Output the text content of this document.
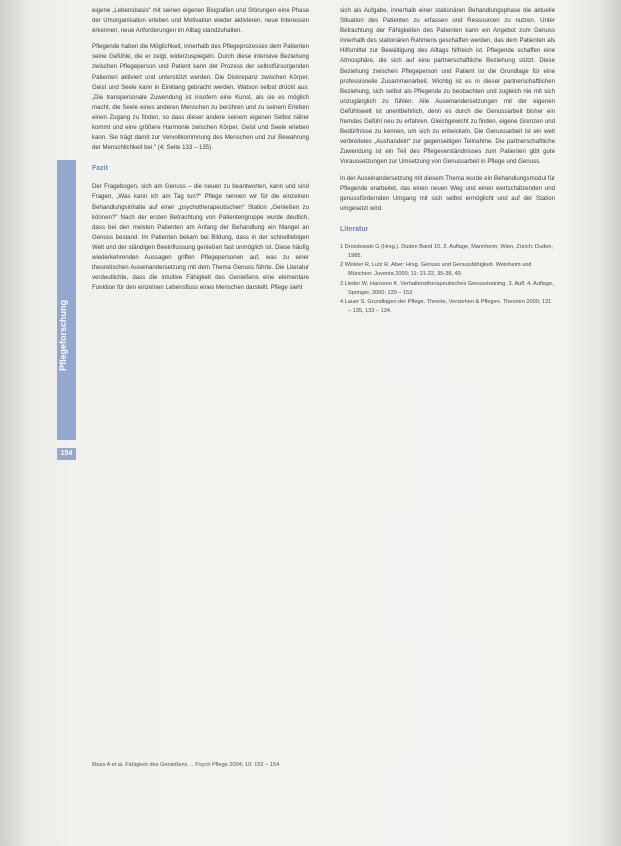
Pflegeforschung
154

eigene „Lebensbasis“ mit seinen eigenen Biografien und Störungen eine Phase der Umorganisation erleben und Motivation wieder aktivieren, neue Interessen erkennen, neue Anforderungen im Alltag standzuhalten.

Pflegende haben die Möglichkeit, innerhalb des Pflegeprozesses dem Patienten seine Gefühle, die er zeigt, widerzuspiegeln. Durch diese intensive Beziehung zwischen Pflegeperson und Patient kann der Prozess der selbstfürsorgenden Patienten aktiviert und unterstützt werden. Die Diskrepanz zwischen Körper, Geist und Seele kann in Einklang gebracht werden. Watson selbst drückt aus: „Die transpersonale Zuwendung ist insofern eine Kunst, als sie es möglich macht, die Seele eines anderen Menschen zu berühren und zu seinem Erleben einen Zugang zu finden, so dass dieser andere seinem eigenen Selbst näher kommt und eine größere Harmonie zwischen Körper, Geist und Seele erleben kann. Sie trägt damit zur Vervollkommnung des Menschen und zur Bewahrung der Menschlichkeit bei.“ (4; Seite 133 – 135).

Fazit

Der Fragebogen, sich am Genuss – die neuen zu beantworten, kann und sind Fragen, „Was kann ich am Tag tun?“ Pflege nennen wir für die einzelnen Behandlungsinhalte auf einer „psychotherapeutischen“ Station „Genießen zu können?“ Nach der ersten Betrachtung von Patientengruppe wurde deutlich, dass bei den meisten Patienten am Anfang der Behandlung ein Mangel an Genuss bestand. Im Patienten bekam bei Bildung, dass in der schnelllebigen Welt und der ständigen Beeinflussung genießen fast unmöglich ist. Diese häufig wiederkehrenden Aussagen griffen Pflegepersonen auf, was zu einer theoretischen Auseinandersetzung mit dem Thema Genuss führte. Die Literatur verdeutlichte, dass die intuitive Fähigkeit des Genießens eine elementare Funktion für den einzelnen Lebensfluss eines Menschen darstellt. Pflege sieht

sich als Aufgabe, innerhalb einer stationären Behandlungsphase die aktuelle Situation des Patienten zu erfassen und Ressourcen zu nutzen. Unter Betrachtung der Fähigkeiten des Patienten kann ein Angebot zum Genuss innerhalb des stationären Rahmens geschaffen werden, das dem Patienten als Hilfsmittel zur Bewältigung des Alltags hilfreich ist. Pflegende schaffen eine Atmosphäre, die sich auf eine partnerschaftliche Beziehung stützt. Diese Beziehung zwischen Pflegeperson und Patient ist die Grundlage für eine professionelle Zusammenarbeit. Wichtig ist es in dieser partnerschaftlichen Beziehung, sich selbst als Pflegende zu beobachten und zugleich nie mit sich unzugänglich zu fühlen. Alle Auseinandersetzungen mit der eigenen Gefühlswelt ist unentbehrlich, denn es durch die Genussarbeit bisher ein fremdes Gefühl neu zu erfahren. Gleichgewicht zu finden, eigene Grenzen und Bedürfnisse zu kennen, um sich zu entwickeln. Die Genussarbeit ist ein weit verbreitetes „Aushandeln“ zur gegenseitigen Teilnahme. Die partnerschaftliche Zuwendung ist ein Teil des Pflegeverständnisses zum Patienten gibt gute Voraussetzungen zur Umsetzung von Genussarbeit in Pflege und Genuss.

In der Auseinandersetzung mit diesem Thema wurde ein Behandlungsmodul für Pflegende erarbeitet, das einen neuen Weg und einen wertschätzenden und genussfördernden Umgang mit sich selbst ermöglicht und auf der Station umgesetzt wird.

Literatur
1 Drosdowski G (Hrsg.). Duden Band 10. 2. Auflage, Mannheim, Wien, Zürich: Duden, 1985.
2 Winkler R, Lutz R. Aber: Hrsg. Genuss und Genussfähigkeit. Weinheim und München: Juventa 2000; 11: 21-22, 35-38, 49.
3 Lieder W, Hanssen K. Verhaltenstherapeutisches Genusstraining. 3. Aufl. 4. Auflage, Springer, 2000; 139 – 152.
4 Lauer S. Grundlagen der Pflege. Theorie, Verstehen & Pflegen. Theorien 2000; 131 – 135, 133 – 134.
Muss A et al. Fähigkeit des Genießens ... Psych Pflege 2004; 10: 152 – 154
